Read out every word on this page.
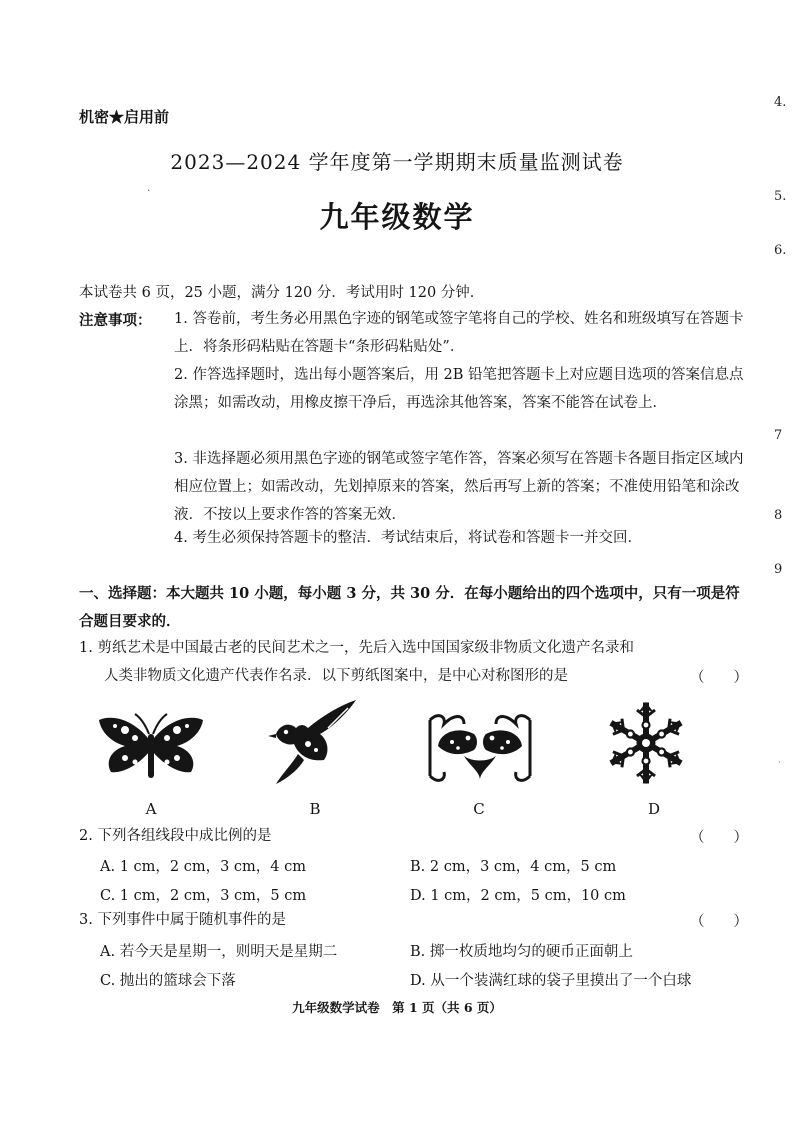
机密★启用前
2023—2024 学年度第一学期期末质量监测试卷
·
九年级数学
本试卷共 6 页，25 小题，满分 120 分．考试用时 120 分钟．
注意事项： 1. 答卷前，考生务必用黑色字迹的钢笔或签字笔将自己的学校、姓名和班级填写在答题卡上．将条形码粘贴在答题卡“条形码粘贴处”．
2. 作答选择题时，选出每小题答案后，用 2B 铅笔把答题卡上对应题目选项的答案信息点涂黑；如需改动，用橡皮擦干净后，再选涂其他答案，答案不能答在试卷上．
3. 非选择题必须用黑色字迹的钢笔或签字笔作答，答案必须写在答题卡各题目指定区域内相应位置上；如需改动，先划掉原来的答案，然后再写上新的答案；不准使用铅笔和涂改液．不按以上要求作答的答案无效．
4. 考生必须保持答题卡的整洁．考试结束后，将试卷和答题卡一并交回．
一、选择题：本大题共 10 小题，每小题 3 分，共 30 分．在每小题给出的四个选项中，只有一项是符合题目要求的．
1. 剪纸艺术是中国最古老的民间艺术之一，先后入选中国国家级非物质文化遗产名录和
人类非物质文化遗产代表作名录．以下剪纸图案中，是中心对称图形的是	（　　）
A	B	C	D
2. 下列各组线段中成比例的是	（　　）
A. 1 cm，2 cm，3 cm，4 cm	B. 2 cm，3 cm，4 cm，5 cm
C. 1 cm，2 cm，3 cm，5 cm	D. 1 cm，2 cm，5 cm，10 cm
3. 下列事件中属于随机事件的是	（　　）
A. 若今天是星期一，则明天是星期二	B. 掷一枚质地均匀的硬币正面朝上
C. 抛出的篮球会下落	D. 从一个装满红球的袋子里摸出了一个白球
九年级数学试卷　第 1 页（共 6 页）
4.
5.
6.
7
8
9
‘
